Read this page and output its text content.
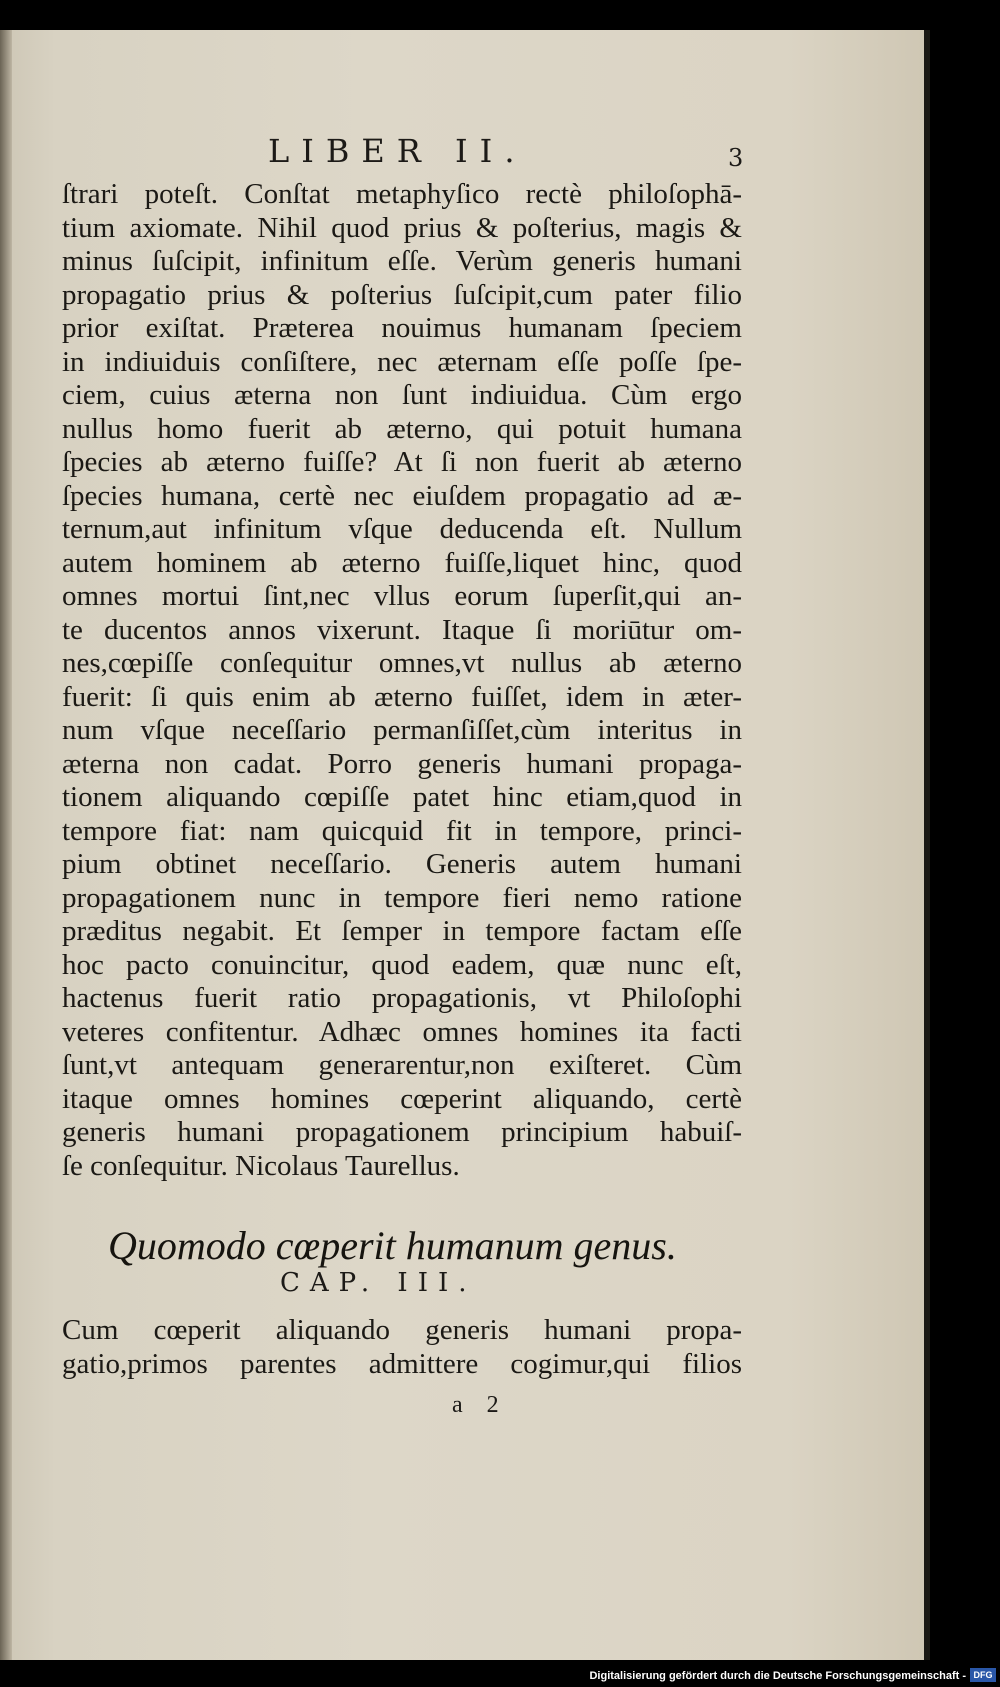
LIBER II.	3
ſtrari poteſt. Conſtat metaphyſico rectè philoſophā-
tium axiomate. Nihil quod prius & poſterius, magis &
minus ſuſcipit, infinitum eſſe. Verùm generis humani
propagatio prius & poſterius ſuſcipit,cum pater filio
prior exiſtat. Præterea nouimus humanam ſpeciem
in indiuiduis conſiſtere, nec æternam eſſe poſſe ſpe-
ciem, cuius æterna non ſunt indiuidua. Cùm ergo
nullus homo fuerit ab æterno, qui potuit humana
ſpecies ab æterno fuiſſe? At ſi non fuerit ab æterno
ſpecies humana, certè nec eiuſdem propagatio ad æ-
ternum,aut infinitum vſque deducenda eſt. Nullum
autem hominem ab æterno fuiſſe,liquet hinc, quod
omnes mortui ſint,nec vllus eorum ſuperſit,qui an-
te ducentos annos vixerunt. Itaque ſi moriūtur om-
nes,cœpiſſe conſequitur omnes,vt nullus ab æterno
fuerit: ſi quis enim ab æterno fuiſſet, idem in æter-
num vſque neceſſario permanſiſſet,cùm interitus in
æterna non cadat. Porro generis humani propaga-
tionem aliquando cœpiſſe patet hinc etiam,quod in
tempore fiat: nam quicquid fit in tempore, princi-
pium obtinet neceſſario. Generis autem humani
propagationem nunc in tempore fieri nemo ratione
præditus negabit. Et ſemper in tempore factam eſſe
hoc pacto conuincitur, quod eadem, quæ nunc eſt,
hactenus fuerit ratio propagationis, vt Philoſophi
veteres confitentur. Adhæc omnes homines ita facti
ſunt,vt antequam generarentur,non exiſteret. Cùm
itaque omnes homines cœperint aliquando, certè
generis humani propagationem principium habuiſ-
ſe conſequitur. Nicolaus Taurellus.
Quomodo cœperit humanum genus.
CAP. III.
Cum cœperit aliquando generis humani propa-
gatio,primos parentes admittere cogimur,qui filios
a 2
Digitalisierung gefördert durch die Deutsche Forschungsgemeinschaft - DFG
